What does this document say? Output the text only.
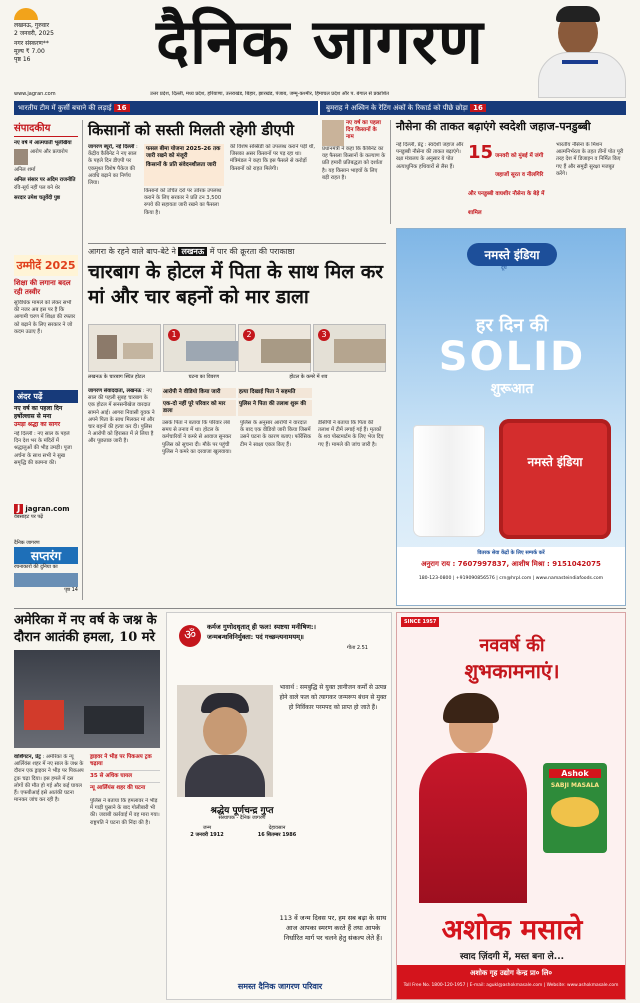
लखनऊ, गुरुवार
2 जनवरी, 2025
नगर संस्करण**
मूल्य ₹ 7.00
पृष्ठ 16	दैनिक जागरण
www.jagran.com	उत्तर प्रदेश, दिल्ली, मध्य प्रदेश, हरियाणा, उत्तराखंड, बिहार, झारखंड, पंजाब, जम्मू-कश्मीर, हिमाचल प्रदेश और प. बंगाल से प्रकाशित
भारतीय टीम में कुर्सी बचाने की लड़ाई 16	बुमराह ने अश्विन के रेटिंग अंकों के रिकार्ड को पीछे छोड़ा 16
संपादकीय
नए वर्ष में आत्मघाती भूलेखिया
आरोप और प्रत्यारोप
अनिल शर्मा
अनिल संसार पर अदिम राजनीति
रवि-सूर्य नहीं पल बने थेर
सरदार उमेश चतुर्वेदी पुष्ठ
उम्मीदें 2025
शिक्षा की लगाना बदल रही तस्वीर
सुविधिक मामले को लेकर सभी की नजर अब इस पर है कि आगामी चरण में शिक्षा की रफ्तार को बढ़ाने के लिए सरकार ने जो कदम उठाए हैं।
अंदर पढ़ें
नए वर्ष का पहला दिन हर्षोल्लास से मना
उमड़ा श्रद्धा का सागर
नई दिल्ली : नए साल के पहले दिन देश भर के मंदिरों में श्रद्धालुओं की भीड़ उमड़ी। पूजा अर्चना के साथ सभी ने सुख समृद्धि की कामना की।
J jagran.com
वेबसाइट पर पढ़ें
दैनिक जागरण
सप्तरंग
रचनाकारों की दुनिया का
पृष्ठ 14
किसानों को सस्ती मिलती रहेगी डीएपी
जागरण ब्यूरो, नई दिल्ली : केंद्रीय कैबिनेट ने नए साल के पहले दिन डीएपी पर एकमुश्त विशेष पैकेज की अवधि बढ़ाने का निर्णय लिया।
फसल बीमा योजना 2025-26 तक जारी रखने को मंजूरी
किसानों के प्रति संवेदनशीलता जारी
किसानों को उचित दरों पर उर्वरक उपलब्ध कराने के लिए सरकार ने प्रति टन 3,500 रुपये की सहायता जारी रखने का फैसला किया है।
की विशेष सब्सिडी को उपलब्ध कराने पड़ी थी, जिसका असर किसानों पर पड़ रहा था। मंत्रिमंडल ने कहा कि इस फैसले से करोड़ों किसानों को राहत मिलेगी।
नए वर्ष का पहला दिन किसानों के नाम
प्रधानमंत्री ने कहा कि कैबिनेट का यह फैसला किसानों के कल्याण के प्रति हमारी प्रतिबद्धता को दर्शाता है। यह किसान भाइयों के लिए बड़ी राहत है।
नौसेना की ताकत बढ़ाएंगे स्वदेशी जहाज-पनडुब्बी
नई दिल्ली, प्रेट्र : स्वदेशी जहाज और पनडुब्बी नौसेना की ताकत बढ़ाएंगे। रक्षा मंत्रालय के अनुसार ये पोत अत्याधुनिक हथियारों से लैस हैं।
15 जनवरी को मुंबई में जंगी जहाजों सूरत व नीलगिरि और पनडुब्बी वाघशीर नौसेना के बेड़े में शामिल
भारतीय नौसेना के मिशन आत्मनिर्भरता के तहत तीनों पोत पूरी तरह देश में डिजाइन व निर्मित किए गए हैं और समुद्री सुरक्षा मजबूत करेंगे।
आगरा के रहने वाले बाप-बेटे ने लखनऊ में पार की क्रूरता की पराकाष्ठा
चारबाग के होटल में पिता के साथ मिल कर मां और चार बहनों को मार डाला
1	2	3
लखनऊ के चारबाग स्थित होटल	घटना का विवरण	होटल के कमरे में शव
जागरण संवाददाता, लखनऊ : नए साल की पहली सुबह चारबाग के एक होटल में सनसनीखेज वारदात सामने आई। आगरा निवासी युवक ने अपने पिता के साथ मिलकर मां और चार बहनों की हत्या कर दी। पुलिस ने आरोपी को हिरासत में ले लिया है और पूछताछ जारी है।
आरोपी ने वीडियो किया जारी	हत्या दिखाई पिता ने सहमति
एक-दो नहीं पूरे परिवार को मार डाला
पुलिस ने पिता की तलाश शुरू की
उसके पिता ने बताया कि परिवार लंबे समय से तनाव में था। होटल के कर्मचारियों ने कमरे से आवाज सुनकर पुलिस को सूचना दी। मौके पर पहुंची पुलिस ने कमरे का दरवाजा खुलवाया।
पुलिस के अनुसार आरोपी ने वारदात के बाद एक वीडियो जारी किया जिसमें उसने घटना के कारण बताए। फॉरेंसिक टीम ने साक्ष्य एकत्र किए हैं।
डीसीपी ने बताया कि पिता की तलाश में टीमें लगाई गई हैं। मृतकों के शव पोस्टमार्टम के लिए भेज दिए गए हैं। मामले की जांच जारी है।
नमस्ते इंडिया
दूध
हर दिन की
SOLID
शुरूआत
नमस्ते इंडिया
वितरक सेवा केंद्रों के लिए सम्पर्क करें
अनुराग राय : 7607997837, आशीष मिश्रा : 9151042075
180-123-0800 | +919090856576 | crn@hrpl.com | www.namasteindiafoods.com
अमेरिका में नए वर्ष के जश्न के दौरान आतंकी हमला, 10 मरे
वाशिंगटन, प्रेट्र : अमेरिका के न्यू आर्लियंस शहर में नए साल के जश्न के दौरान एक ड्राइवर ने भीड़ पर पिकअप ट्रक चढ़ा दिया। इस हमले में दस लोगों की मौत हो गई और कई घायल हैं। एफबीआई इसे आतंकी घटना मानकर जांच कर रही है।
ड्राइवर ने भीड़ पर पिकअप ट्रक चढ़ाया
35 से अधिक घायल
न्यू आर्लियंस शहर की घटना
पुलिस ने बताया कि हमलावर ने भीड़ में गाड़ी घुसाने के बाद गोलीबारी भी की। जवाबी कार्रवाई में वह मारा गया। राष्ट्रपति ने घटना की निंदा की है।
ॐ
कर्मज गुणोदधृतात् ही फल! स्पष्टया मनीषिण:।
जन्मबन्धविनिर्मुक्ता: पदं गच्छन्त्यनामयम्॥
गीता 2.51
भावार्थ : समबुद्धि से युक्त ज्ञानीजन कर्मों से उत्पन्न होने वाले फल को त्यागकर जन्मरूप बंधन से मुक्त हो निर्विकार परमपद को प्राप्त हो जाते हैं।
श्रद्धेय पूर्णचन्द्र गुप्त
संस्थापक - दैनिक जागरण
जन्म
2 जनवरी 1912
देहावसान
16 सितम्बर 1986
113 वें जन्म दिवस पर, हम सब बढ़ा के साथ आज आपका स्मरण करते हैं तथा आपके निर्धारित मार्ग पर चलने हेतु संकल्प लेते हैं।
समस्त दैनिक जागरण परिवार
SINCE 1957
नववर्ष की
शुभकामनाएं।
Ashok
SABJI MASALA
अशोक मसाले
स्वाद ज़िंदगी में, मस्त बना ले...
अशोक गृह उद्योग केन्द्र प्रा० लि०
Toll Free No. 1800-120-1957 | E-mail: agukl@ashokmasale.com | Website: www.ashokmasale.com
